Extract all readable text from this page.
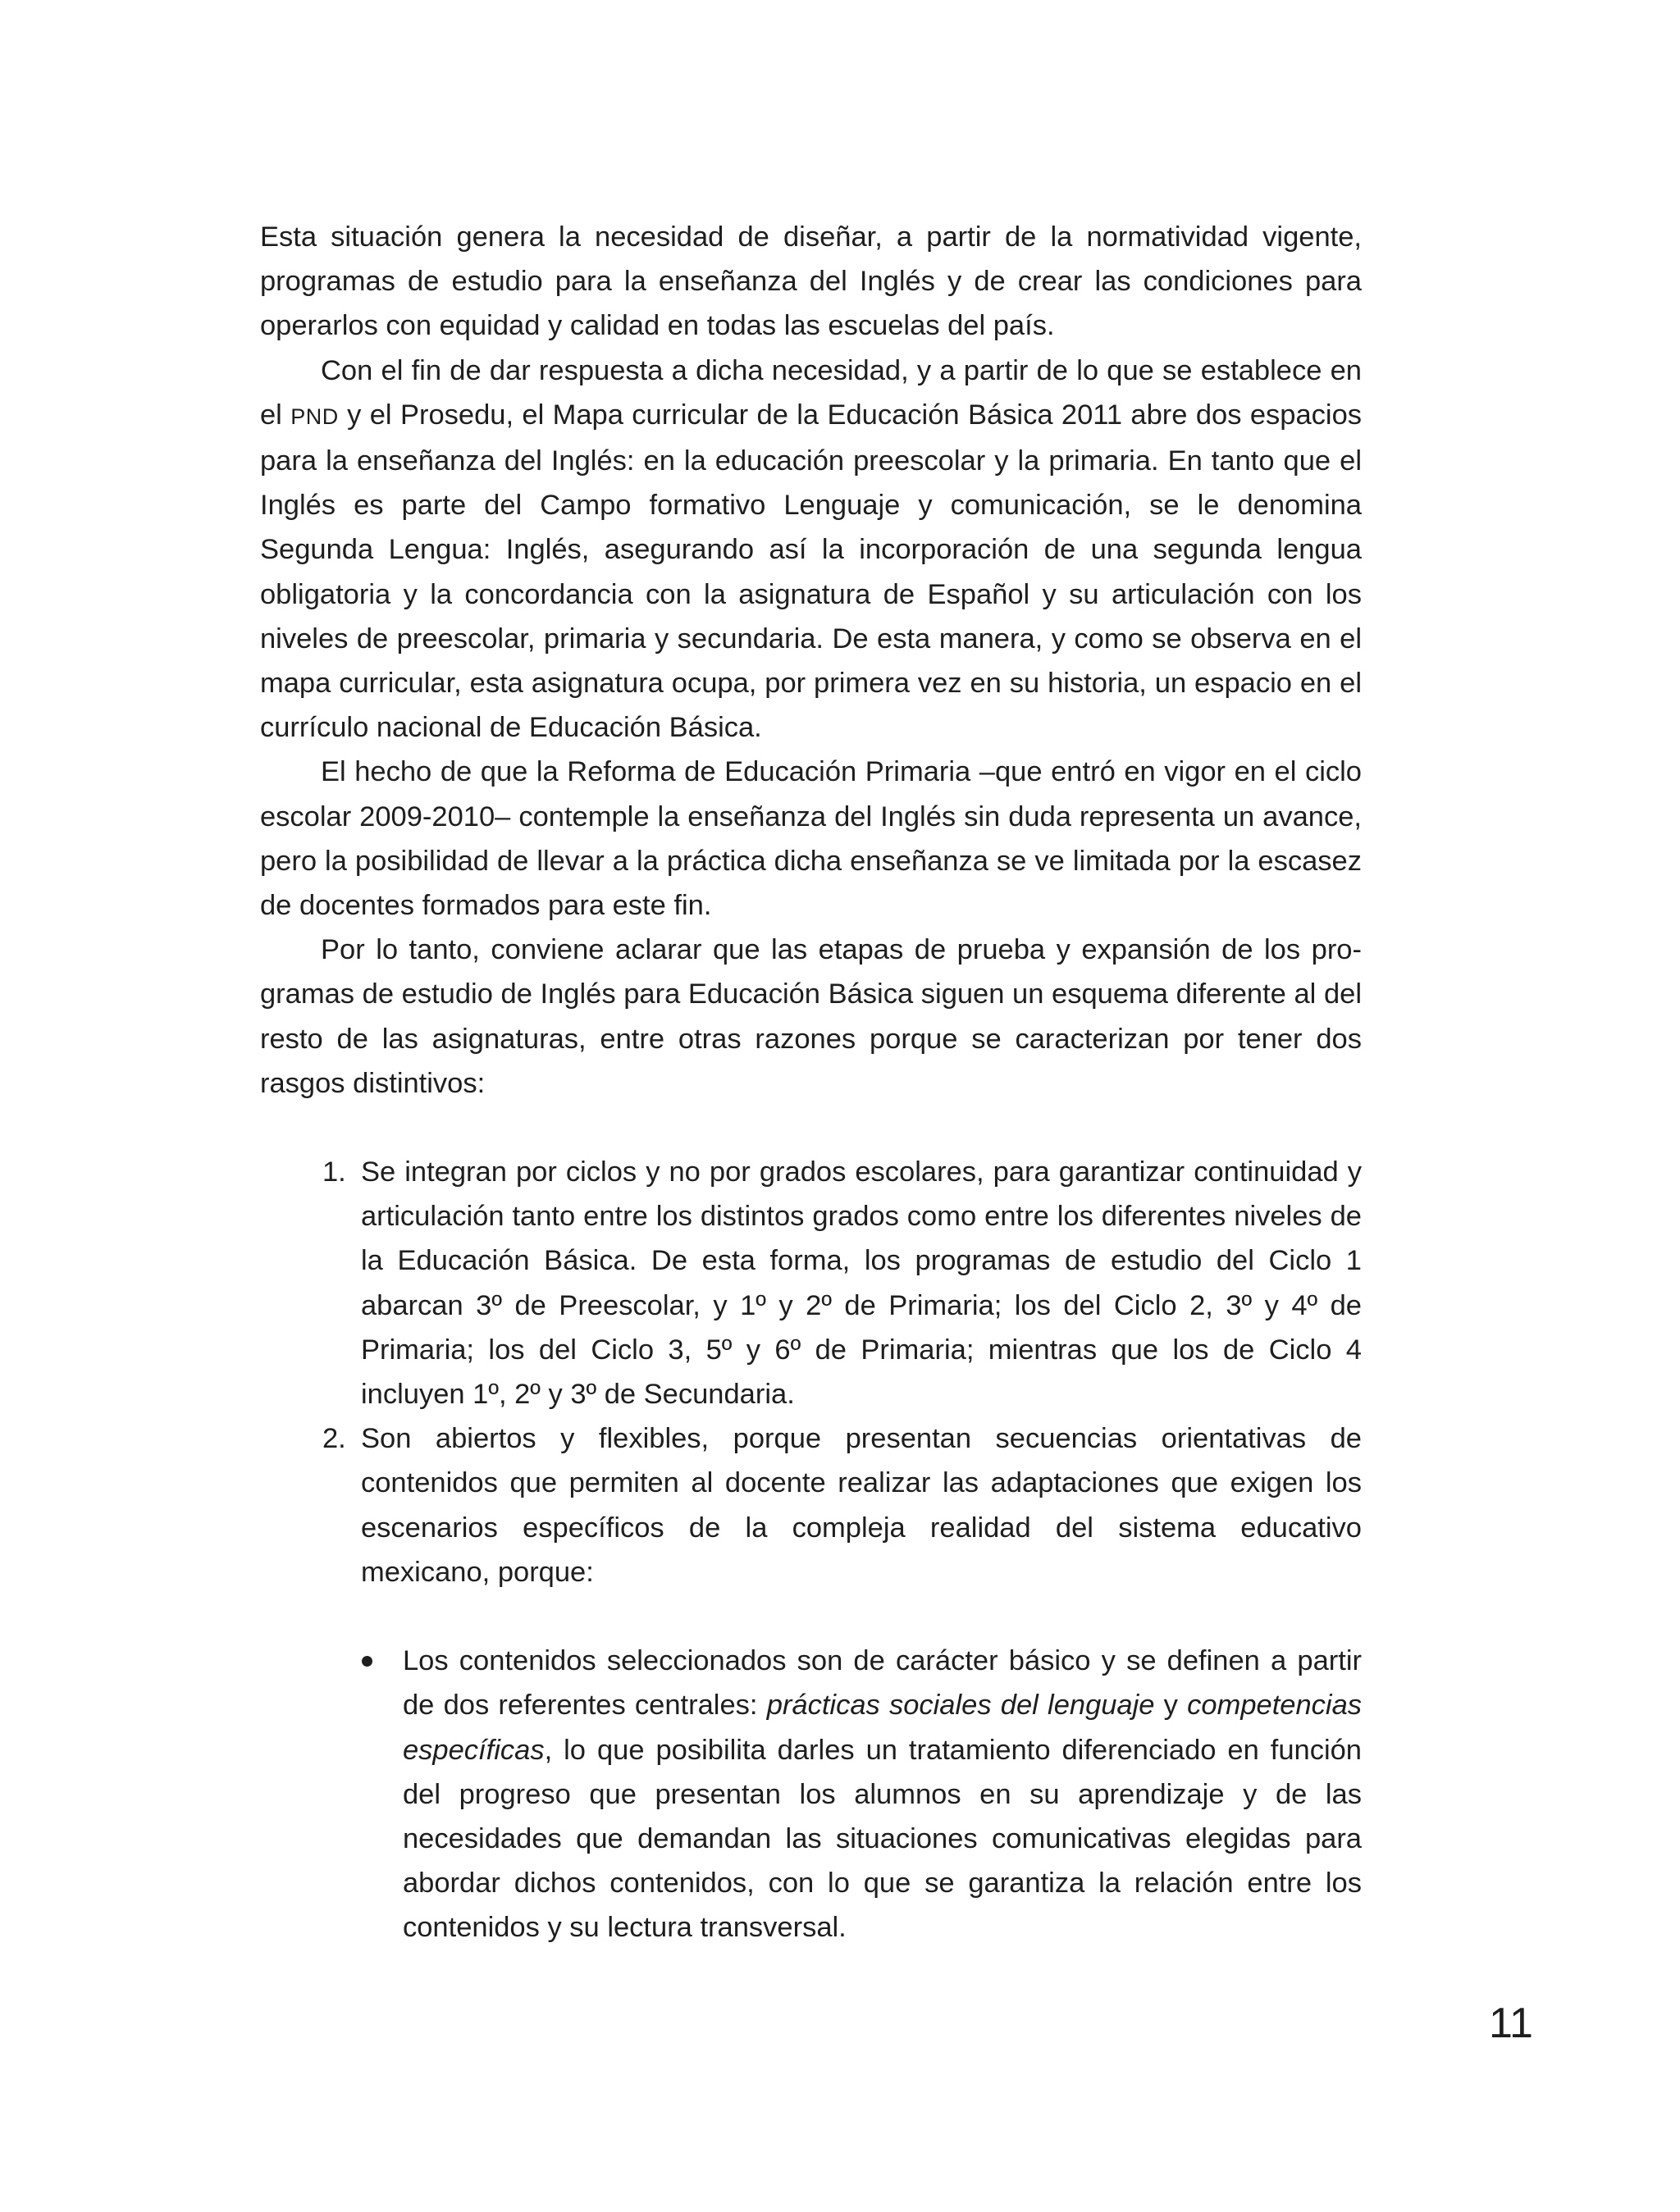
Esta situación genera la necesidad de diseñar, a partir de la normatividad vigente, programas de estudio para la enseñanza del Inglés y de crear las condiciones para operarlos con equidad y calidad en todas las escuelas del país.

Con el fin de dar respuesta a dicha necesidad, y a partir de lo que se establece en el PND y el Prosedu, el Mapa curricular de la Educación Básica 2011 abre dos espacios para la enseñanza del Inglés: en la educación preescolar y la primaria. En tanto que el Inglés es parte del Campo formativo Lenguaje y comunicación, se le denomina Segunda Lengua: Inglés, asegurando así la incorporación de una segunda lengua obligatoria y la concordancia con la asignatura de Español y su articulación con los niveles de preescolar, primaria y secundaria. De esta manera, y como se observa en el mapa curricular, esta asignatura ocupa, por primera vez en su historia, un espacio en el currículo nacional de Educación Básica.

El hecho de que la Reforma de Educación Primaria –que entró en vigor en el ciclo escolar 2009-2010– contemple la enseñanza del Inglés sin duda representa un avance, pero la posibilidad de llevar a la práctica dicha enseñanza se ve limitada por la escasez de docentes formados para este fin.

Por lo tanto, conviene aclarar que las etapas de prueba y expansión de los programas de estudio de Inglés para Educación Básica siguen un esquema diferente al del resto de las asignaturas, entre otras razones porque se caracterizan por tener dos rasgos distintivos:

1. Se integran por ciclos y no por grados escolares, para garantizar continuidad y articulación tanto entre los distintos grados como entre los diferentes niveles de la Educación Básica. De esta forma, los programas de estudio del Ciclo 1 abarcan 3º de Preescolar, y 1º y 2º de Primaria; los del Ciclo 2, 3º y 4º de Primaria; los del Ciclo 3, 5º y 6º de Primaria; mientras que los de Ciclo 4 incluyen 1º, 2º y 3º de Secundaria.
2. Son abiertos y flexibles, porque presentan secuencias orientativas de contenidos que permiten al docente realizar las adaptaciones que exigen los escenarios específicos de la compleja realidad del sistema educativo mexicano, porque:
Los contenidos seleccionados son de carácter básico y se definen a partir de dos referentes centrales: prácticas sociales del lenguaje y competencias específicas, lo que posibilita darles un tratamiento diferenciado en función del progreso que presentan los alumnos en su aprendizaje y de las necesidades que demandan las situaciones comunicativas elegidas para abordar dichos contenidos, con lo que se garantiza la relación entre los contenidos y su lectura transversal.
11
